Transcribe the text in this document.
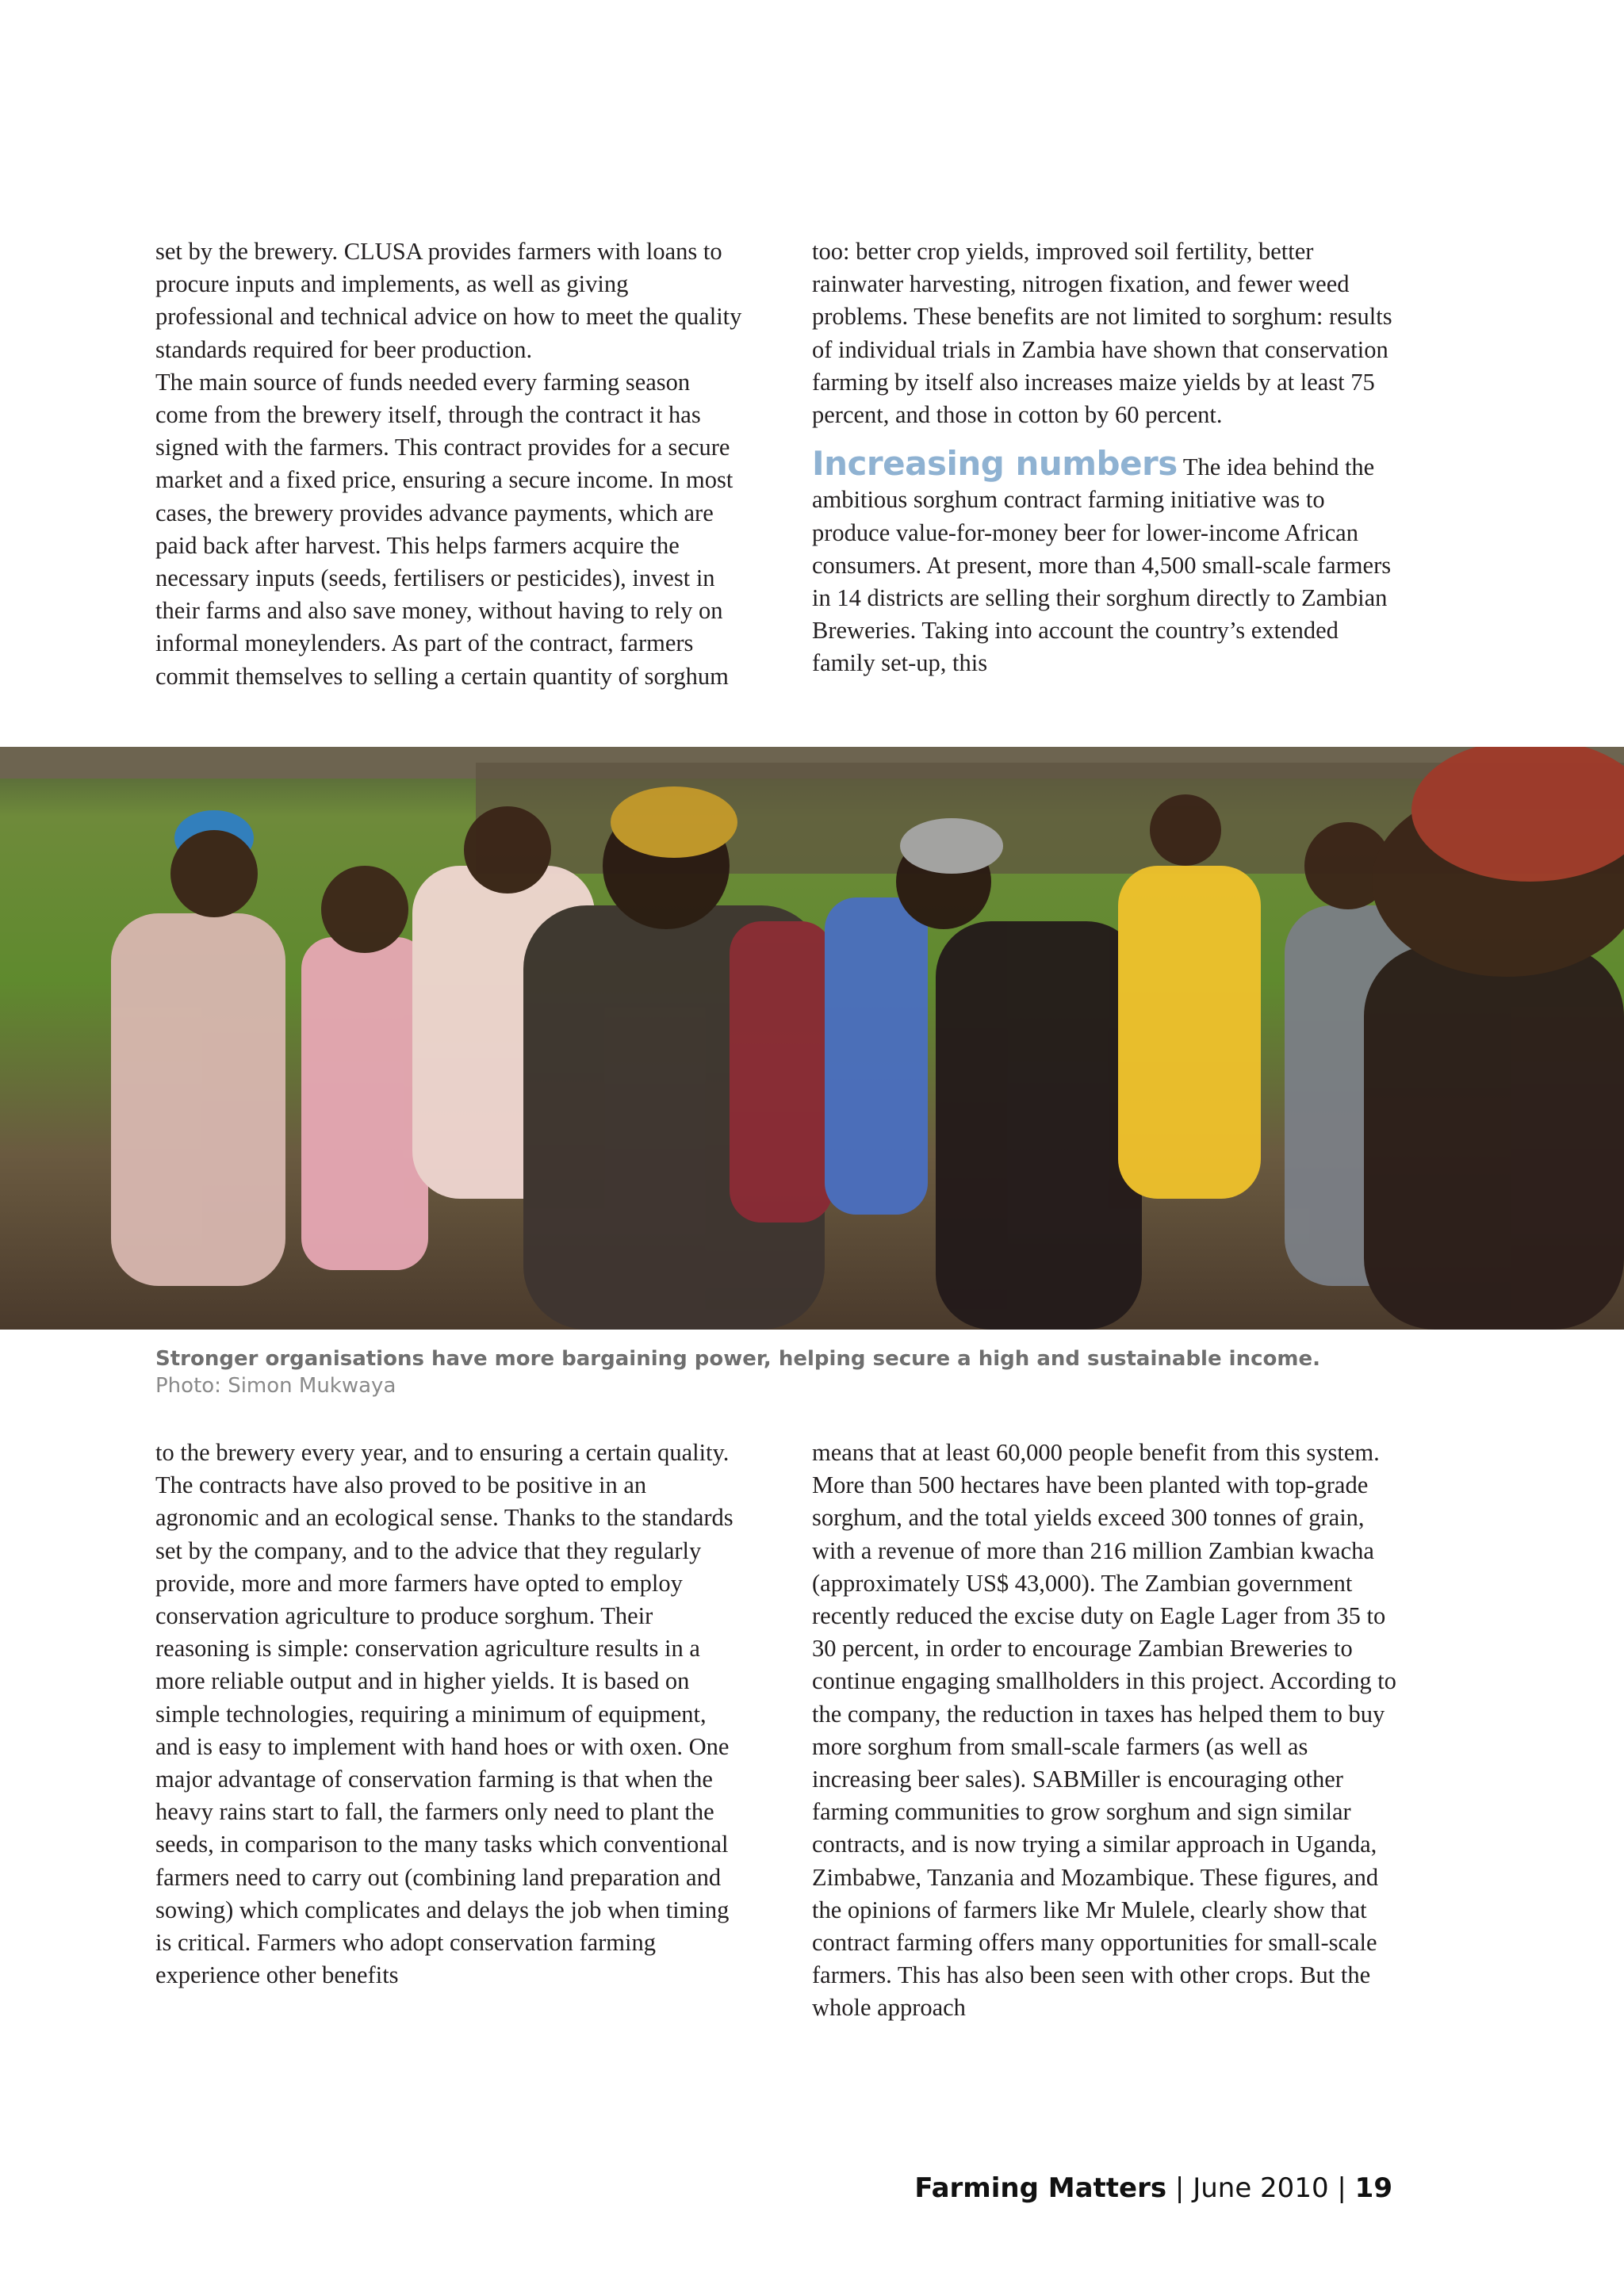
set by the brewery. CLUSA provides farmers with loans to procure inputs and implements, as well as giving professional and technical advice on how to meet the quality standards required for beer production.

The main source of funds needed every farming season come from the brewery itself, through the contract it has signed with the farmers. This contract provides for a secure market and a fixed price, ensuring a secure income. In most cases, the brewery provides advance payments, which are paid back after harvest. This helps farmers acquire the necessary inputs (seeds, fertilisers or pesticides), invest in their farms and also save money, without having to rely on informal moneylenders. As part of the contract, farmers commit themselves to selling a certain quantity of sorghum

too: better crop yields, improved soil fertility, better rainwater harvesting, nitrogen fixation, and fewer weed problems. These benefits are not limited to sorghum: results of individual trials in Zambia have shown that conservation farming by itself also increases maize yields by at least 75 percent, and those in cotton by 60 percent.

Increasing numbers The idea behind the ambitious sorghum contract farming initiative was to produce value-for-money beer for lower-income African consumers. At present, more than 4,500 small-scale farmers in 14 districts are selling their sorghum directly to Zambian Breweries. Taking into account the country’s extended family set-up, this

Stronger organisations have more bargaining power, helping secure a high and sustainable income.
Photo: Simon Mukwaya

to the brewery every year, and to ensuring a certain quality.

The contracts have also proved to be positive in an agronomic and an ecological sense. Thanks to the standards set by the company, and to the advice that they regularly provide, more and more farmers have opted to employ conservation agriculture to produce sorghum. Their reasoning is simple: conservation agriculture results in a more reliable output and in higher yields. It is based on simple technologies, requiring a minimum of equipment, and is easy to implement with hand hoes or with oxen. One major advantage of conservation farming is that when the heavy rains start to fall, the farmers only need to plant the seeds, in comparison to the many tasks which conventional farmers need to carry out (combining land preparation and sowing) which complicates and delays the job when timing is critical. Farmers who adopt conservation farming experience other benefits

means that at least 60,000 people benefit from this system. More than 500 hectares have been planted with top-grade sorghum, and the total yields exceed 300 tonnes of grain, with a revenue of more than 216 million Zambian kwacha (approximately US$ 43,000). The Zambian government recently reduced the excise duty on Eagle Lager from 35 to 30 percent, in order to encourage Zambian Breweries to continue engaging smallholders in this project. According to the company, the reduction in taxes has helped them to buy more sorghum from small-scale farmers (as well as increasing beer sales). SABMiller is encouraging other farming communities to grow sorghum and sign similar contracts, and is now trying a similar approach in Uganda, Zimbabwe, Tanzania and Mozambique. These figures, and the opinions of farmers like Mr Mulele, clearly show that contract farming offers many opportunities for small-scale farmers. This has also been seen with other crops. But the whole approach

Farming Matters | June 2010 | 19
